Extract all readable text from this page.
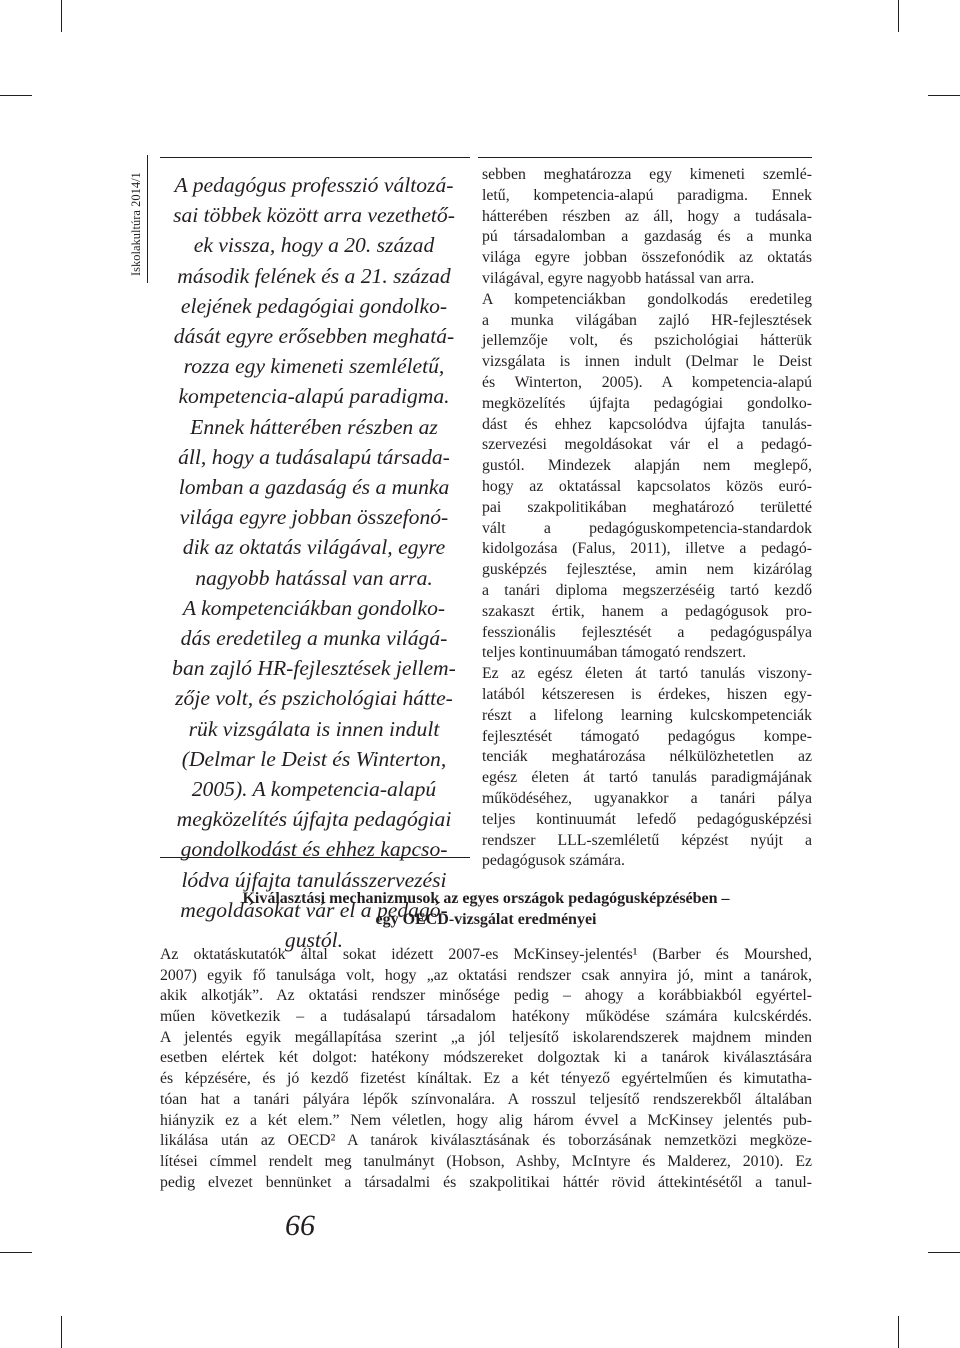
Iskolakultúra 2014/1	A pedagógus professzió változá-
sai többek között arra vezethető-
ek vissza, hogy a 20. század
második felének és a 21. század
elejének pedagógiai gondolko-
dását egyre erősebben meghatá-
rozza egy kimeneti szemléletű,
kompetencia-alapú paradigma.
Ennek hátterében részben az
áll, hogy a tudásalapú társada-
lomban a gazdaság és a munka
világa egyre jobban összefonó-
dik az oktatás világával, egyre
nagyobb hatással van arra.
A kompetenciákban gondolko-
dás eredetileg a munka világá-
ban zajló HR-fejlesztések jellem-
zője volt, és pszichológiai hátte-
rük vizsgálata is innen indult
(Delmar le Deist és Winterton,
2005). A kompetencia-alapú
megközelítés újfajta pedagógiai
gondolkodást és ehhez kapcso-
lódva újfajta tanulásszervezési
megoldásokat vár el a pedagó-
gustól.
sebben meghatározza egy kimeneti szemlé-
letű, kompetencia-alapú paradigma. Ennek
hátterében részben az áll, hogy a tudásala-
pú társadalomban a gazdaság és a munka
világa egyre jobban összefonódik az oktatás
világával, egyre nagyobb hatással van arra.
A kompetenciákban gondolkodás eredetileg
a munka világában zajló HR-fejlesztések
jellemzője volt, és pszichológiai hátterük
vizsgálata is innen indult (Delmar le Deist
és Winterton, 2005). A kompetencia-alapú
megközelítés újfajta pedagógiai gondolko-
dást és ehhez kapcsolódva újfajta tanulás-
szervezési megoldásokat vár el a pedagó-
gustól. Mindezek alapján nem meglepő,
hogy az oktatással kapcsolatos közös euró-
pai szakpolitikában meghatározó területté
vált a pedagóguskompetencia-standardok
kidolgozása (Falus, 2011), illetve a pedagó-
gusképzés fejlesztése, amin nem kizárólag
a tanári diploma megszerzéséig tartó kezdő
szakaszt értik, hanem a pedagógusok pro-
fesszionális fejlesztését a pedagóguspálya
teljes kontinuumában támogató rendszert.
Ez az egész életen át tartó tanulás viszony-
latából kétszeresen is érdekes, hiszen egy-
részt a lifelong learning kulcskompetenciák
fejlesztését támogató pedagógus kompe-
tenciák meghatározása nélkülözhetetlen az
egész életen át tartó tanulás paradigmájának
működéséhez, ugyanakkor a tanári pálya
teljes kontinuumát lefedő pedagógusképzési
rendszer LLL-szemléletű képzést nyújt a
pedagógusok számára.
Kiválasztási mechanizmusok az egyes országok pedagógusképzésében –
egy OECD-vizsgálat eredményei
Az oktatáskutatók által sokat idézett 2007-es McKinsey-jelentés¹ (Barber és Mourshed,
2007) egyik fő tanulsága volt, hogy „az oktatási rendszer csak annyira jó, mint a tanárok,
akik alkotják”. Az oktatási rendszer minősége pedig – ahogy a korábbiakból egyértel-
műen következik – a tudásalapú társadalom hatékony működése számára kulcskérdés.
A jelentés egyik megállapítása szerint „a jól teljesítő iskolarendszerek majdnem minden
esetben elértek két dolgot: hatékony módszereket dolgoztak ki a tanárok kiválasztására
és képzésére, és jó kezdő fizetést kínáltak. Ez a két tényező egyértelműen és kimutatha-
tóan hat a tanári pályára lépők színvonalára. A rosszul teljesítő rendszerekből általában
hiányzik ez a két elem.” Nem véletlen, hogy alig három évvel a McKinsey jelentés pub-
likálása után az OECD² A tanárok kiválasztásának és toborzásának nemzetközi megköze-
lítései címmel rendelt meg tanulmányt (Hobson, Ashby, McIntyre és Malderez, 2010). Ez
pedig elvezet bennünket a társadalmi és szakpolitikai háttér rövid áttekintésétől a tanul-
66
